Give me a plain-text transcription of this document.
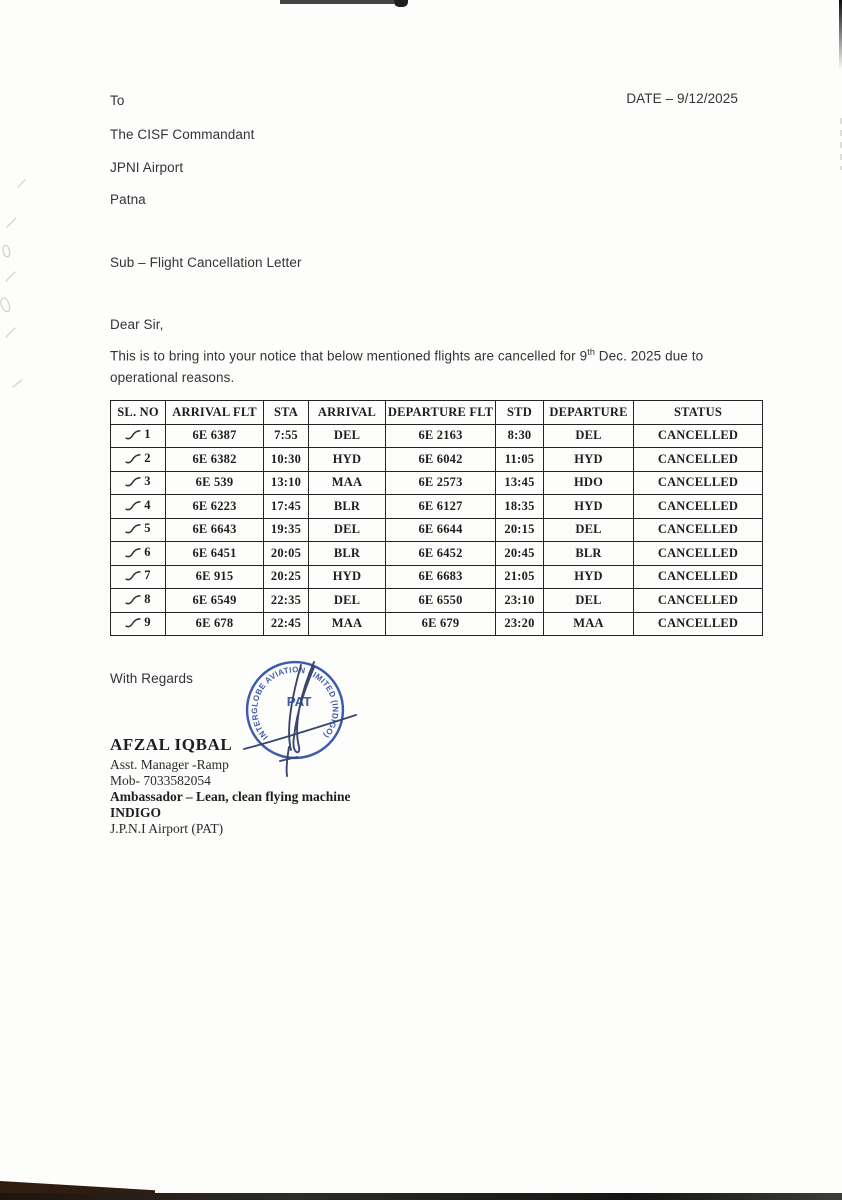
To	DATE – 9/12/2025
The CISF Commandant
JPNI Airport
Patna
Sub – Flight Cancellation Letter
Dear Sir,
This is to bring into your notice that below mentioned flights are cancelled for 9th Dec. 2025 due to
operational reasons.
SL. NO	ARRIVAL FLT	STA	ARRIVAL	DEPARTURE FLT	STD	DEPARTURE	STATUS

1	6E 6387	7:55	DEL	6E 2163	8:30	DEL	CANCELLED

2	6E 6382	10:30	HYD	6E 6042	11:05	HYD	CANCELLED

3	6E 539	13:10	MAA	6E 2573	13:45	HDO	CANCELLED

4	6E 6223	17:45	BLR	6E 6127	18:35	HYD	CANCELLED

5	6E 6643	19:35	DEL	6E 6644	20:15	DEL	CANCELLED

6	6E 6451	20:05	BLR	6E 6452	20:45	BLR	CANCELLED

7	6E 915	20:25	HYD	6E 6683	21:05	HYD	CANCELLED

8	6E 6549	22:35	DEL	6E 6550	23:10	DEL	CANCELLED

9	6E 678	22:45	MAA	6E 679	23:20	MAA	CANCELLED
With Regards
INTERGLOBE AVIATION LIMITED (INDIGO)
PAT
AFZAL IQBAL
Asst. Manager -Ramp
Mob- 7033582054
Ambassador – Lean, clean flying machine
INDIGO
J.P.N.I Airport (PAT)
